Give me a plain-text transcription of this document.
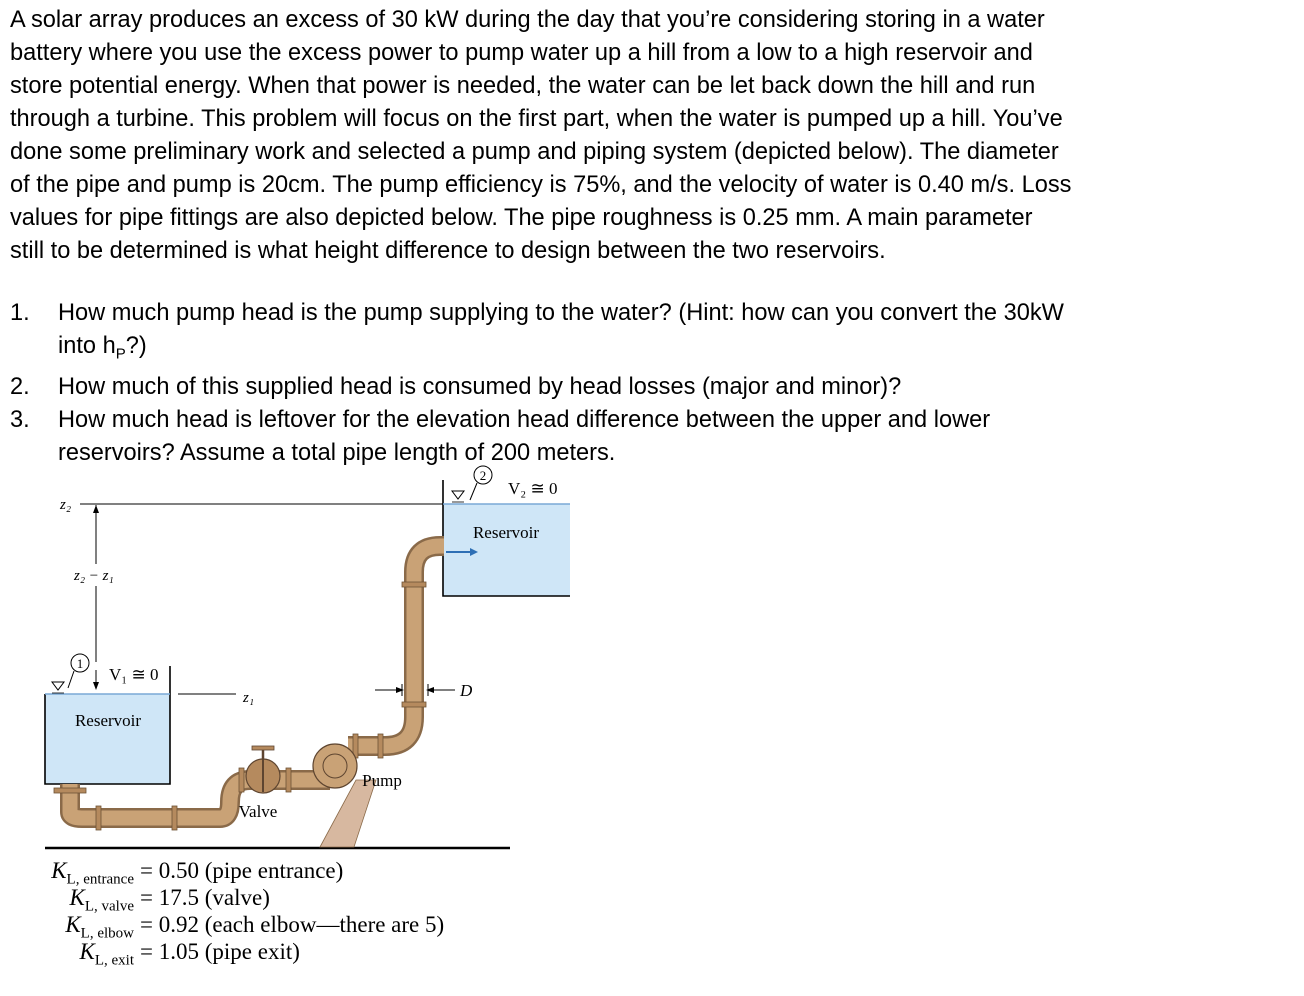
A solar array produces an excess of 30 kW during the day that you’re considering storing in a water
battery where you use the excess power to pump water up a hill from a low to a high reservoir and
store potential energy. When that power is needed, the water can be let back down the hill and run
through a turbine. This problem will focus on the first part, when the water is pumped up a hill. You’ve
done some preliminary work and selected a pump and piping system (depicted below). The diameter
of the pipe and pump is 20cm. The pump efficiency is 75%, and the velocity of water is 0.40 m/s. Loss
values for pipe fittings are also depicted below. The pipe roughness is 0.25 mm. A main parameter
still to be determined is what height difference to design between the two reservoirs.
1. How much pump head is the pump supplying to the water? (Hint: how can you convert the 30kW
into $h_P$?)
2. How much of this supplied head is consumed by head losses (major and minor)?
3. How much head is leftover for the elevation head difference between the upper and lower
reservoirs? Assume a total pipe length of 200 meters.
2
V₂ ≅ 0
Reservoir
z₂
z₂ − z₁
1
V₁ ≅ 0
Reservoir
z₁
Valve
Pump
D
$K_{L, entrance} = 0.50$ (pipe entrance)
$K_{L, valve} = 17.5$ (valve)
$K_{L, elbow} = 0.92$ (each elbow—there are 5)
$K_{L, exit} = 1.05$ (pipe exit)
